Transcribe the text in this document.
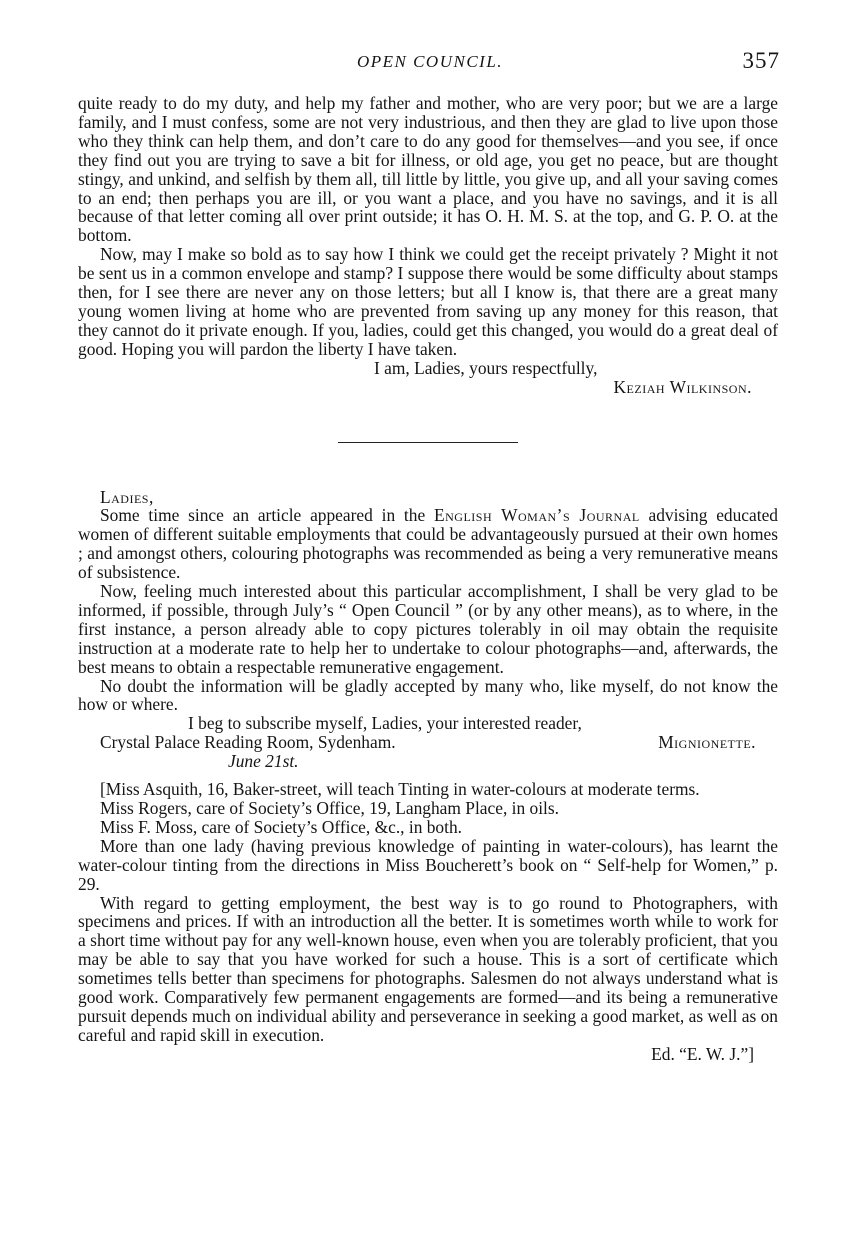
OPEN COUNCIL.	357

quite ready to do my duty, and help my father and mother, who are very poor; but we are a large family, and I must confess, some are not very industrious, and then they are glad to live upon those who they think can help them, and don’t care to do any good for themselves—and you see, if once they find out you are trying to save a bit for illness, or old age, you get no peace, but are thought stingy, and unkind, and selfish by them all, till little by little, you give up, and all your saving comes to an end; then perhaps you are ill, or you want a place, and you have no savings, and it is all because of that letter coming all over print outside; it has O. H. M. S. at the top, and G. P. O. at the bottom.

Now, may I make so bold as to say how I think we could get the receipt privately ? Might it not be sent us in a common envelope and stamp? I suppose there would be some difficulty about stamps then, for I see there are never any on those letters; but all I know is, that there are a great many young women living at home who are prevented from saving up any money for this reason, that they cannot do it private enough. If you, ladies, could get this changed, you would do a great deal of good. Hoping you will pardon the liberty I have taken.

I am, Ladies, yours respectfully,

Keziah Wilkinson.

Ladies,

Some time since an article appeared in the English Woman’s Journal advising educated women of different suitable employments that could be advantageously pursued at their own homes ; and amongst others, colouring photographs was recommended as being a very remunerative means of subsistence.

Now, feeling much interested about this particular accomplishment, I shall be very glad to be informed, if possible, through July’s “ Open Council ” (or by any other means), as to where, in the first instance, a person already able to copy pictures tolerably in oil may obtain the requisite instruction at a moderate rate to help her to undertake to colour photographs—and, afterwards, the best means to obtain a respectable remunerative engagement.

No doubt the information will be gladly accepted by many who, like myself, do not know the how or where.

I beg to subscribe myself, Ladies, your interested reader,

Crystal Palace Reading Room, Sydenham.	Mignionette.

June 21st.

[Miss Asquith, 16, Baker-street, will teach Tinting in water-colours at moderate terms.

Miss Rogers, care of Society’s Office, 19, Langham Place, in oils.

Miss F. Moss, care of Society’s Office, &c., in both.

More than one lady (having previous knowledge of painting in water-colours), has learnt the water-colour tinting from the directions in Miss Boucherett’s book on “ Self-help for Women,” p. 29.

With regard to getting employment, the best way is to go round to Photographers, with specimens and prices. If with an introduction all the better. It is sometimes worth while to work for a short time without pay for any well-known house, even when you are tolerably proficient, that you may be able to say that you have worked for such a house. This is a sort of certificate which sometimes tells better than specimens for photographs. Salesmen do not always understand what is good work. Comparatively few permanent engagements are formed—and its being a remunerative pursuit depends much on individual ability and perseverance in seeking a good market, as well as on careful and rapid skill in execution.

Ed. “E. W. J.”]
